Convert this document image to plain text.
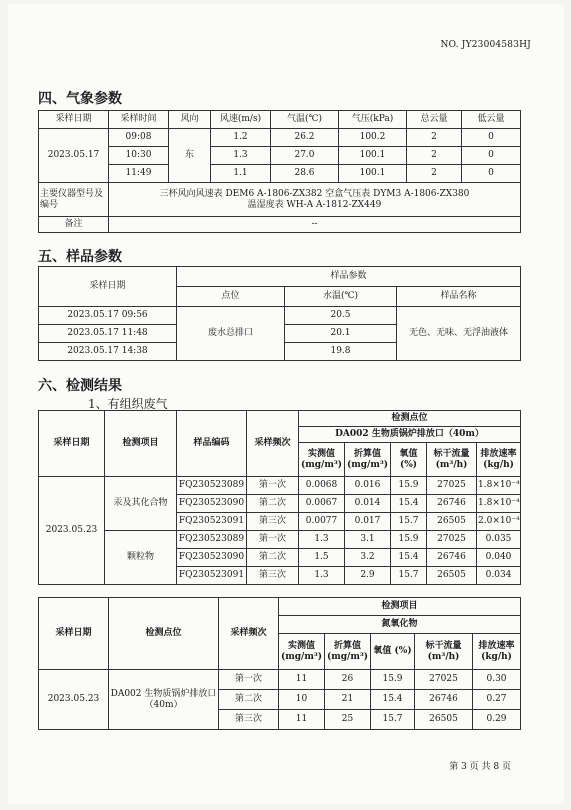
NO. JY23004583HJ
四、气象参数
采样日期	采样时间	风向	风速(m/s)	气温(℃)	气压(kPa)	总云量	低云量
2023.05.17	09:08	东	1.2	26.2	100.2	2	0
	10:30		1.3	27.0	100.1	2	0
	11:49		1.1	28.6	100.1	2	0
主要仪器型号及编号	三杯风向风速表 DEM6 A-1806-ZX382 空盒气压表 DYM3 A-1806-ZX380
温湿度表 WH-A A-1812-ZX449						

备注	--						
五、样品参数
采样日期	样品参数		
	点位	水温(℃)	样品名称
2023.05.17 09:56	废水总排口	20.5	无色、无味、无浮油液体
2023.05.17 11:48		20.1	
2023.05.17 14:38		19.8	
六、检测结果
1、有组织废气
采样日期	检测项目	样品编码	采样频次	检测点位				
				DA002 生物质锅炉排放口（40m）				
				实测值 (mg/m³)	折算值 (mg/m³)	氧值 (%)	标干流量(m³/h)	排放速率(kg/h)
2023.05.23	汞及其化合物	FQ230523089	第一次	0.0068	0.016	15.9	27025	1.8×10⁻⁴
		FQ230523090	第二次	0.0067	0.014	15.4	26746	1.8×10⁻⁴
		FQ230523091	第三次	0.0077	0.017	15.7	26505	2.0×10⁻⁴
	颗粒物	FQ230523089	第一次	1.3	3.1	15.9	27025	0.035
		FQ230523090	第二次	1.5	3.2	15.4	26746	0.040
		FQ230523091	第三次	1.3	2.9	15.7	26505	0.034
采样日期	检测点位	采样频次	检测项目				
			氮氧化物				
			实测值 (mg/m³)	折算值 (mg/m³)	氧值 (%)	标干流量 (m³/h)	排放速率 (kg/h)
2023.05.23	DA002 生物质锅炉排放口（40m）	第一次	11	26	15.9	27025	0.30
		第二次	10	21	15.4	26746	0.27
		第三次	11	25	15.7	26505	0.29
第 3 页 共 8 页
